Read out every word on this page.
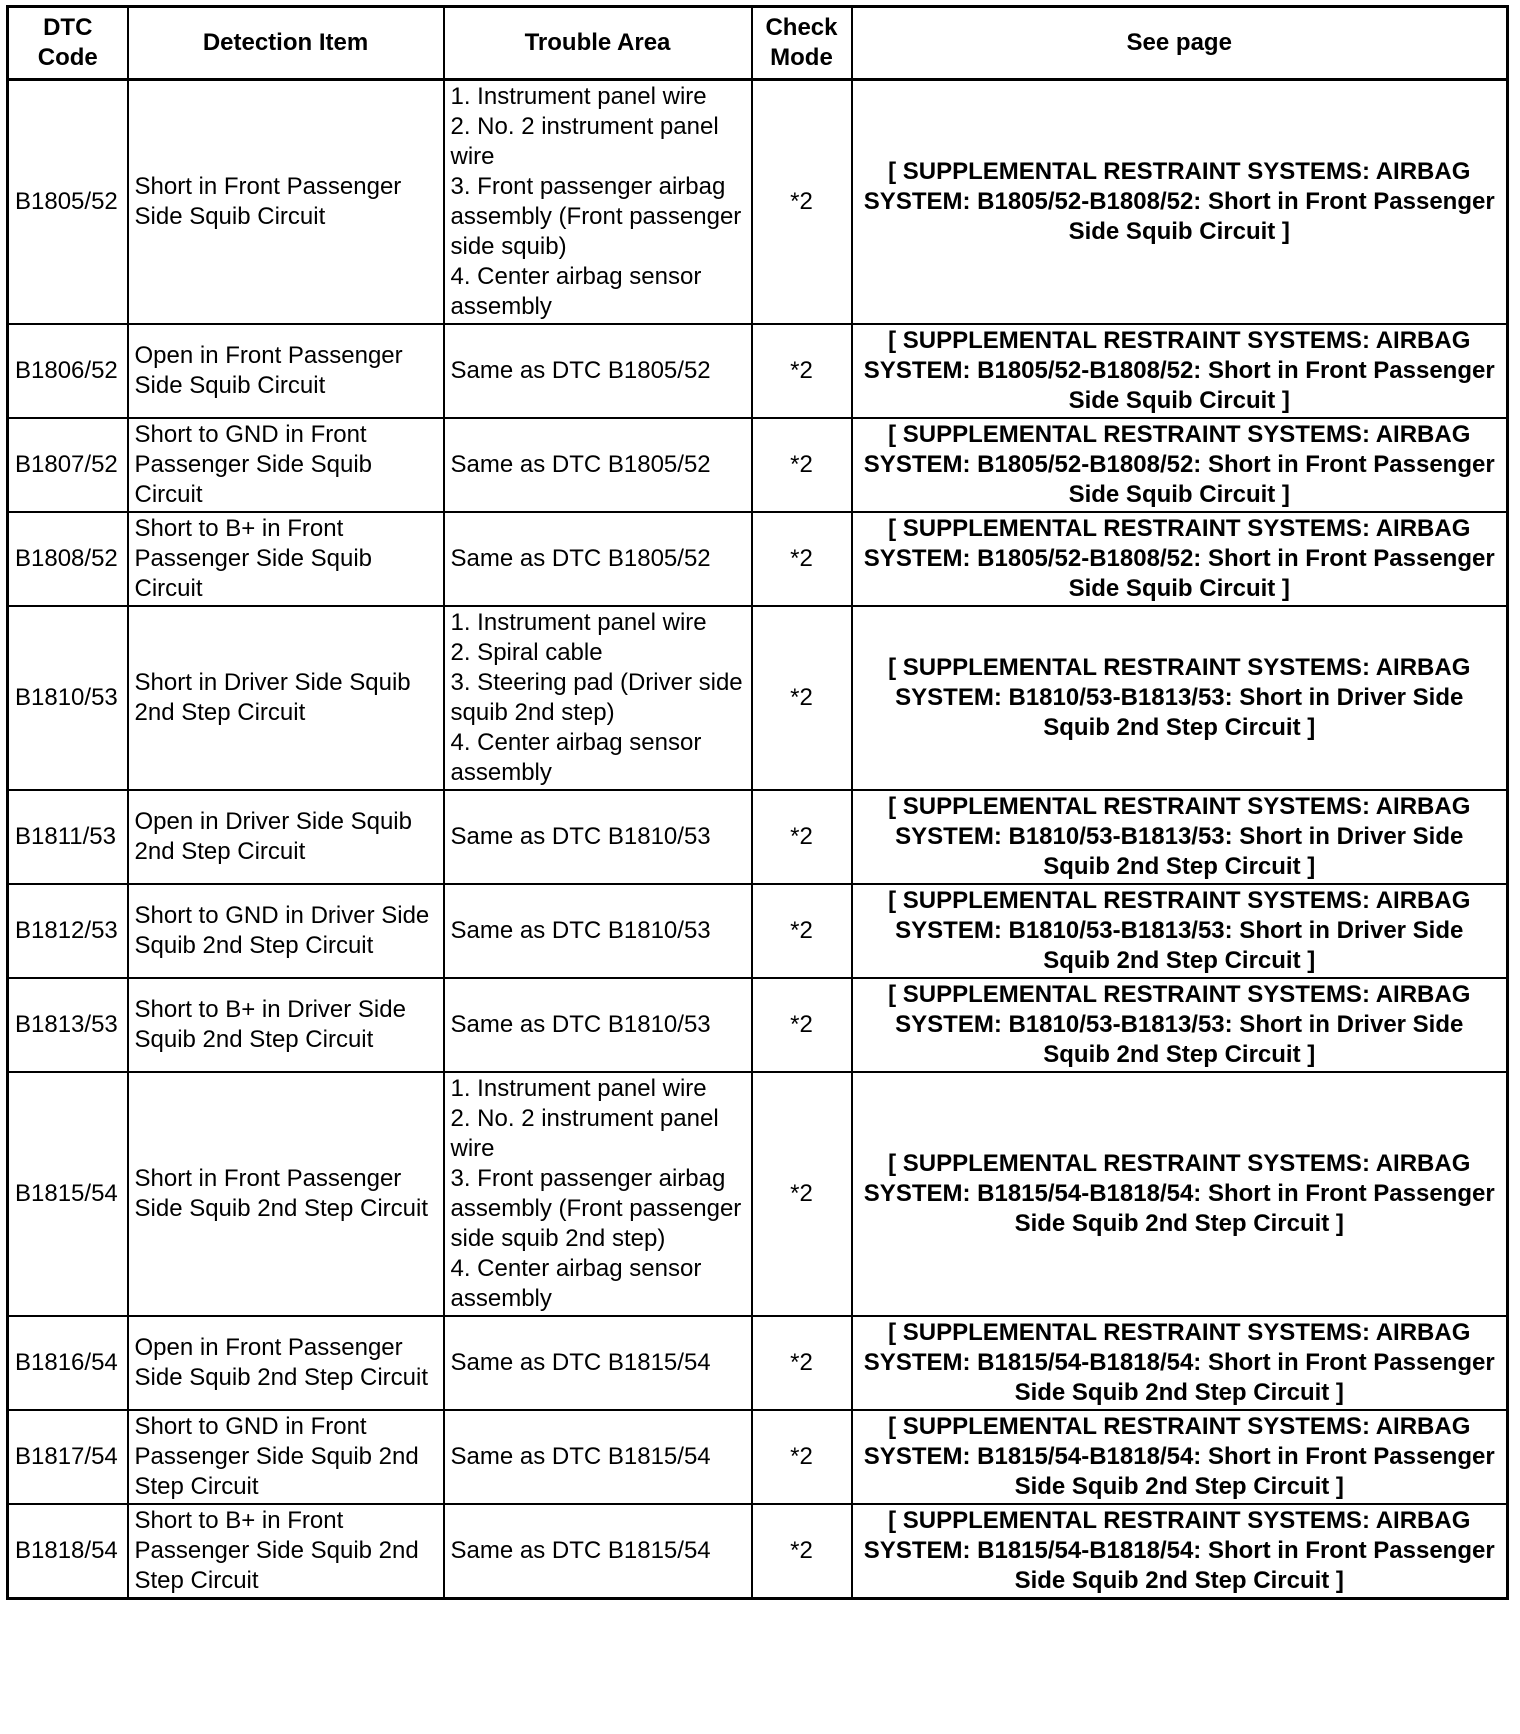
DTC Code	Detection Item	Trouble Area	Check Mode	See page
B1805/52	Short in Front Passenger Side Squib Circuit	1. Instrument panel wire
2. No. 2 instrument panel wire
3. Front passenger airbag assembly (Front passenger side squib)
4. Center airbag sensor assembly	*2	[ SUPPLEMENTAL RESTRAINT SYSTEMS: AIRBAG SYSTEM: B1805/52-B1808/52: Short in Front Passenger Side Squib Circuit ]
B1806/52	Open in Front Passenger Side Squib Circuit	Same as DTC B1805/52	*2	[ SUPPLEMENTAL RESTRAINT SYSTEMS: AIRBAG SYSTEM: B1805/52-B1808/52: Short in Front Passenger Side Squib Circuit ]
B1807/52	Short to GND in Front Passenger Side Squib Circuit	Same as DTC B1805/52	*2	[ SUPPLEMENTAL RESTRAINT SYSTEMS: AIRBAG SYSTEM: B1805/52-B1808/52: Short in Front Passenger Side Squib Circuit ]
B1808/52	Short to B+ in Front Passenger Side Squib Circuit	Same as DTC B1805/52	*2	[ SUPPLEMENTAL RESTRAINT SYSTEMS: AIRBAG SYSTEM: B1805/52-B1808/52: Short in Front Passenger Side Squib Circuit ]
B1810/53	Short in Driver Side Squib 2nd Step Circuit	1. Instrument panel wire
2. Spiral cable
3. Steering pad (Driver side squib 2nd step)
4. Center airbag sensor assembly	*2	[ SUPPLEMENTAL RESTRAINT SYSTEMS: AIRBAG SYSTEM: B1810/53-B1813/53: Short in Driver Side Squib 2nd Step Circuit ]
B1811/53	Open in Driver Side Squib 2nd Step Circuit	Same as DTC B1810/53	*2	[ SUPPLEMENTAL RESTRAINT SYSTEMS: AIRBAG SYSTEM: B1810/53-B1813/53: Short in Driver Side Squib 2nd Step Circuit ]
B1812/53	Short to GND in Driver Side Squib 2nd Step Circuit	Same as DTC B1810/53	*2	[ SUPPLEMENTAL RESTRAINT SYSTEMS: AIRBAG SYSTEM: B1810/53-B1813/53: Short in Driver Side Squib 2nd Step Circuit ]
B1813/53	Short to B+ in Driver Side Squib 2nd Step Circuit	Same as DTC B1810/53	*2	[ SUPPLEMENTAL RESTRAINT SYSTEMS: AIRBAG SYSTEM: B1810/53-B1813/53: Short in Driver Side Squib 2nd Step Circuit ]
B1815/54	Short in Front Passenger Side Squib 2nd Step Circuit	1. Instrument panel wire
2. No. 2 instrument panel wire
3. Front passenger airbag assembly (Front passenger side squib 2nd step)
4. Center airbag sensor assembly	*2	[ SUPPLEMENTAL RESTRAINT SYSTEMS: AIRBAG SYSTEM: B1815/54-B1818/54: Short in Front Passenger Side Squib 2nd Step Circuit ]
B1816/54	Open in Front Passenger Side Squib 2nd Step Circuit	Same as DTC B1815/54	*2	[ SUPPLEMENTAL RESTRAINT SYSTEMS: AIRBAG SYSTEM: B1815/54-B1818/54: Short in Front Passenger Side Squib 2nd Step Circuit ]
B1817/54	Short to GND in Front Passenger Side Squib 2nd Step Circuit	Same as DTC B1815/54	*2	[ SUPPLEMENTAL RESTRAINT SYSTEMS: AIRBAG SYSTEM: B1815/54-B1818/54: Short in Front Passenger Side Squib 2nd Step Circuit ]
B1818/54	Short to B+ in Front Passenger Side Squib 2nd Step Circuit	Same as DTC B1815/54	*2	[ SUPPLEMENTAL RESTRAINT SYSTEMS: AIRBAG SYSTEM: B1815/54-B1818/54: Short in Front Passenger Side Squib 2nd Step Circuit ]
